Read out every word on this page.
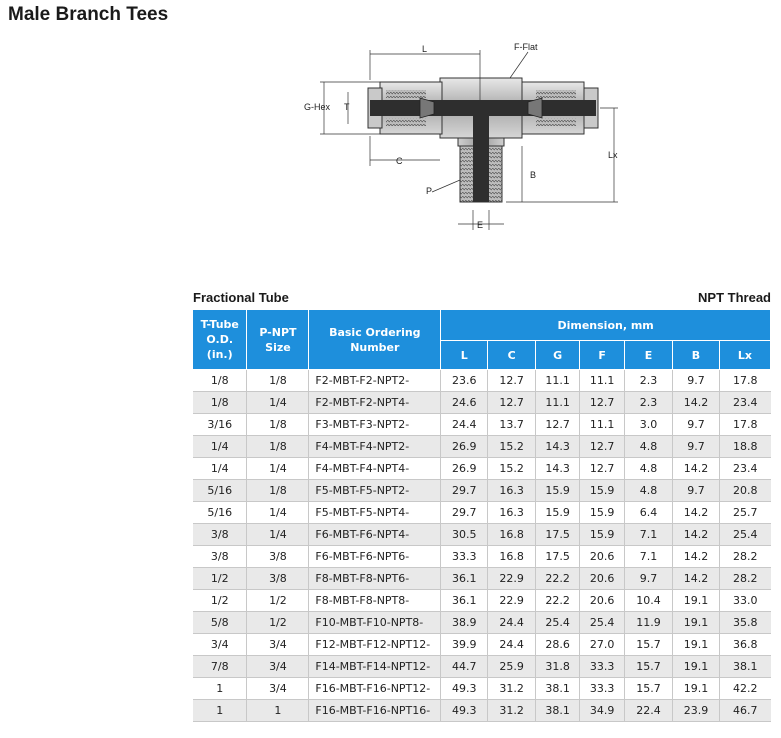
Male Branch Tees
L	F-Flat
G-Hex T
C
Lx
B
P
E
Fractional Tube	NPT Thread
T-Tube O.D. (in.)	P-NPT Size	Basic Ordering Number	Dimension, mm						
			L	C	G	F	E	B	Lx
1/8	1/8	F2-MBT-F2-NPT2-	23.6	12.7	11.1	11.1	2.3	9.7	17.8
1/8	1/4	F2-MBT-F2-NPT4-	24.6	12.7	11.1	12.7	2.3	14.2	23.4
3/16	1/8	F3-MBT-F3-NPT2-	24.4	13.7	12.7	11.1	3.0	9.7	17.8
1/4	1/8	F4-MBT-F4-NPT2-	26.9	15.2	14.3	12.7	4.8	9.7	18.8
1/4	1/4	F4-MBT-F4-NPT4-	26.9	15.2	14.3	12.7	4.8	14.2	23.4
5/16	1/8	F5-MBT-F5-NPT2-	29.7	16.3	15.9	15.9	4.8	9.7	20.8
5/16	1/4	F5-MBT-F5-NPT4-	29.7	16.3	15.9	15.9	6.4	14.2	25.7
3/8	1/4	F6-MBT-F6-NPT4-	30.5	16.8	17.5	15.9	7.1	14.2	25.4
3/8	3/8	F6-MBT-F6-NPT6-	33.3	16.8	17.5	20.6	7.1	14.2	28.2
1/2	3/8	F8-MBT-F8-NPT6-	36.1	22.9	22.2	20.6	9.7	14.2	28.2
1/2	1/2	F8-MBT-F8-NPT8-	36.1	22.9	22.2	20.6	10.4	19.1	33.0
5/8	1/2	F10-MBT-F10-NPT8-	38.9	24.4	25.4	25.4	11.9	19.1	35.8
3/4	3/4	F12-MBT-F12-NPT12-	39.9	24.4	28.6	27.0	15.7	19.1	36.8
7/8	3/4	F14-MBT-F14-NPT12-	44.7	25.9	31.8	33.3	15.7	19.1	38.1
1	3/4	F16-MBT-F16-NPT12-	49.3	31.2	38.1	33.3	15.7	19.1	42.2
1	1	F16-MBT-F16-NPT16-	49.3	31.2	38.1	34.9	22.4	23.9	46.7
